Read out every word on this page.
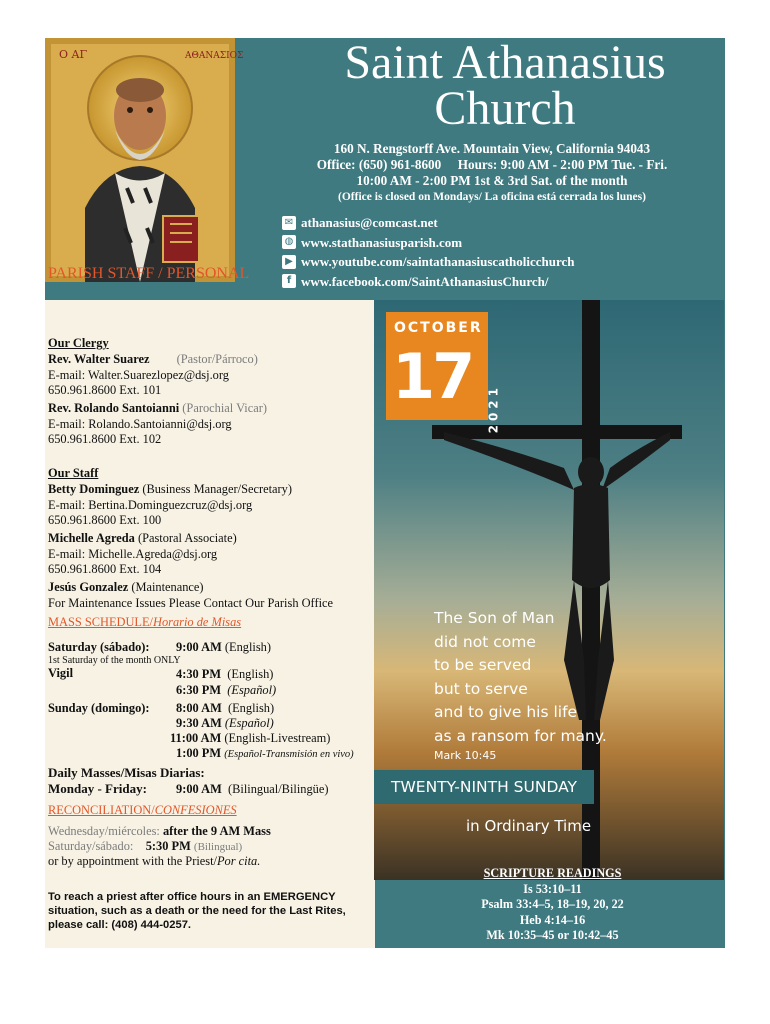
Ο ΑΓ	ΑΘΑΝΑΣΙΟΣ	Saint Athanasius
Church
160 N. Rengstorff Ave. Mountain View, California 94043
Office: (650) 961-8600 Hours: 9:00 AM - 2:00 PM Tue. - Fri.
10:00 AM - 2:00 PM 1st & 3rd Sat. of the month
(Office is closed on Mondays/ La oficina está cerrada los lunes)
✉ athanasius@comcast.net
◍ www.stathanasiusparish.com
▶ www.youtube.com/saintathanasiuscatholicchurch
f www.facebook.com/SaintAthanasiusChurch/
PARISH STAFF / PERSONAL
Our Clergy
Rev. Walter Suarez (Pastor/Párroco)
E-mail: Walter.Suarezlopez@dsj.org
650.961.8600 Ext. 101
Rev. Rolando Santoianni (Parochial Vicar)
E-mail: Rolando.Santoianni@dsj.org
650.961.8600 Ext. 102
Our Staff
Betty Dominguez (Business Manager/Secretary)
E-mail: Bertina.Dominguezcruz@dsj.org
650.961.8600 Ext. 100
Michelle Agreda (Pastoral Associate)
E-mail: Michelle.Agreda@dsj.org
650.961.8600 Ext. 104
Jesús Gonzalez (Maintenance)
For Maintenance Issues Please Contact Our Parish Office
MASS SCHEDULE/Horario de Misas
Saturday (sábado): 9:00 AM (English)
1st Saturday of the month ONLY
Vigil	4:30 PM (English)
6:30 PM (Español)
Sunday (domingo): 8:00 AM (English)
9:30 AM (Español)
11:00 AM (English-Livestream)
1:00 PM (Español-Transmisión en vivo)
Daily Masses/Misas Diarias:
Monday - Friday: 9:00 AM (Bilingual/Bilingüe)
RECONCILIATION/CONFESIONES
Wednesday/miércoles: after the 9 AM Mass
Saturday/sábado: 5:30 PM (Bilingual)
or by appointment with the Priest/Por cita.
To reach a priest after office hours in an EMERGENCY situation, such as a death or the need for the Last Rites, please call: (408) 444-0257.
OCTOBER
17 2021
The Son of Man
did not come
to be served
but to serve
and to give his life
as a ransom for many.
Mark 10:45
TWENTY-NINTH SUNDAY
in Ordinary Time
SCRIPTURE READINGS
Is 53:10–11
Psalm 33:4–5, 18–19, 20, 22
Heb 4:14–16
Mk 10:35–45 or 10:42–45
